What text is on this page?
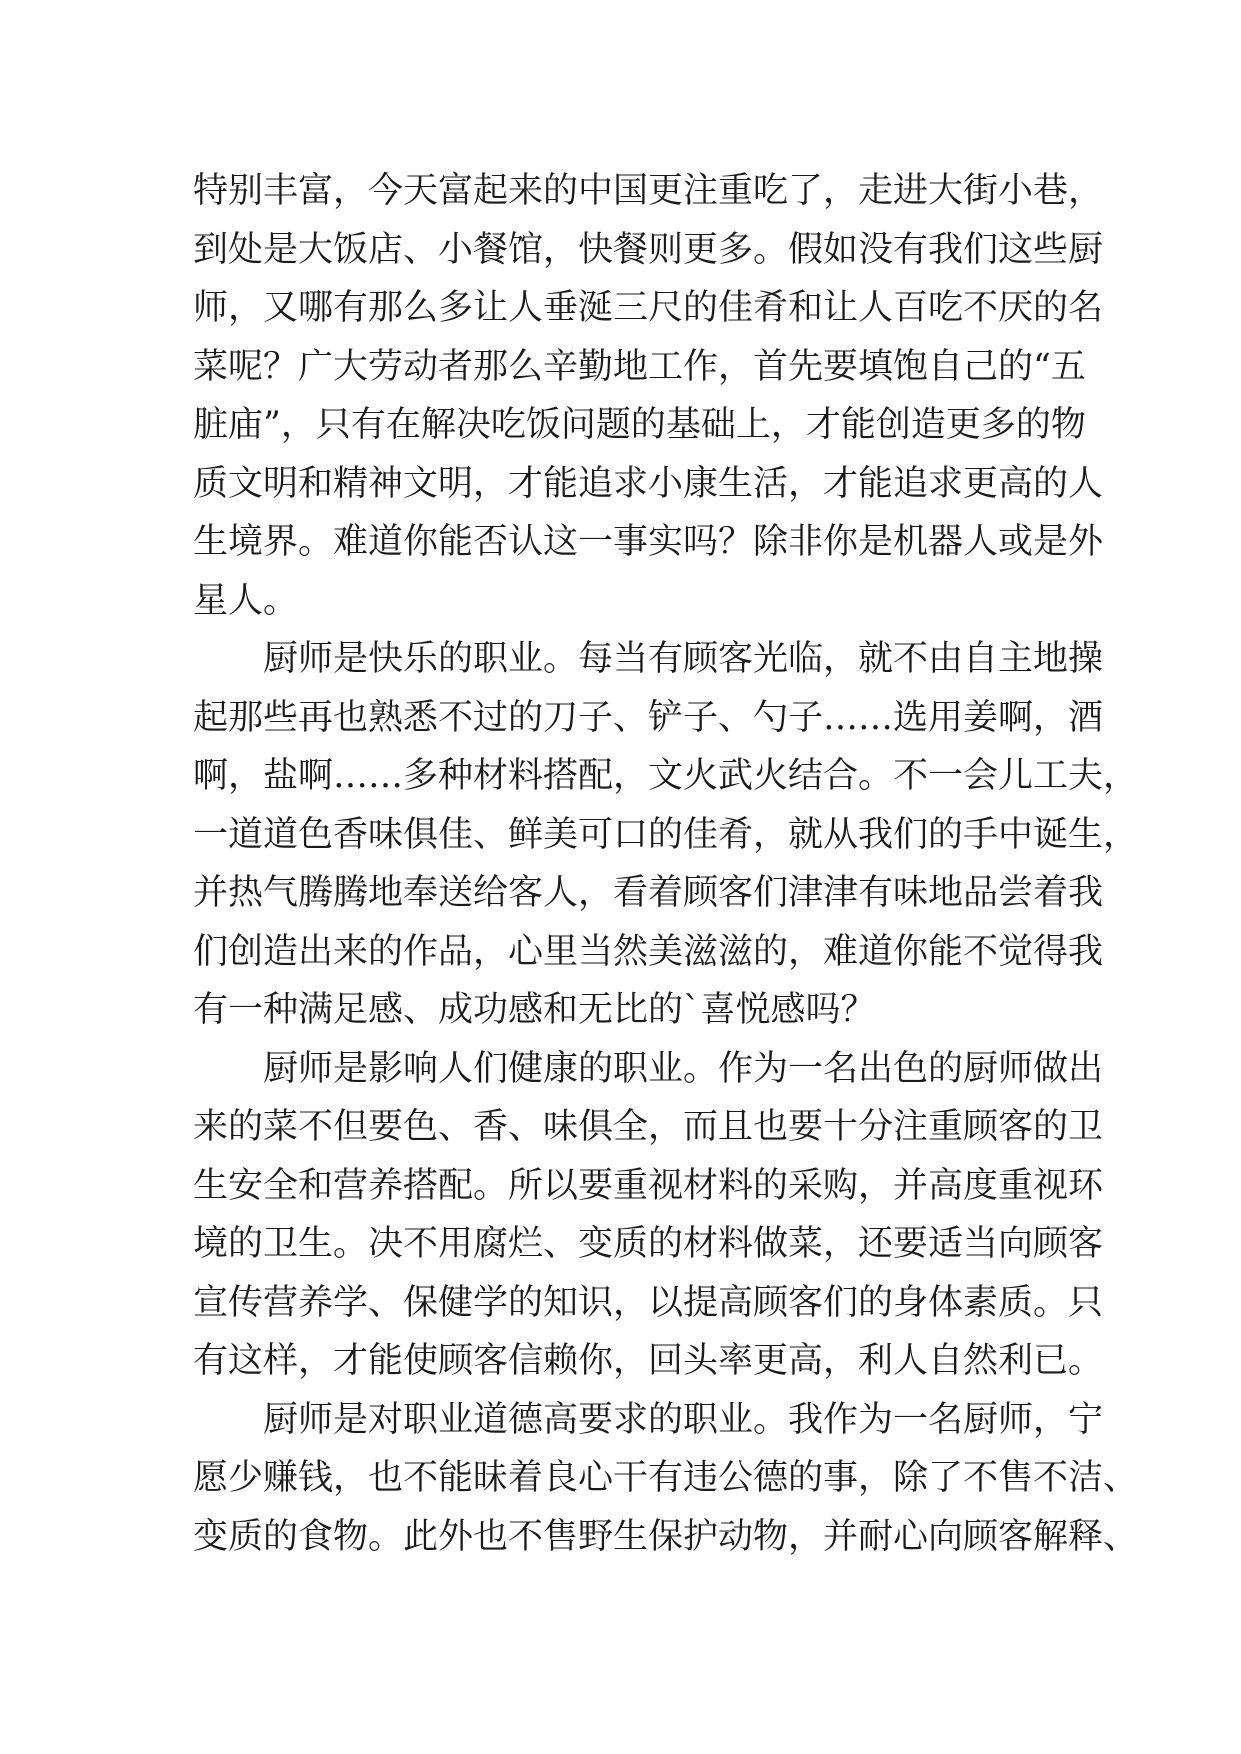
特别丰富，今天富起来的中国更注重吃了，走进大街小巷，
到处是大饭店、小餐馆，快餐则更多。假如没有我们这些厨
师，又哪有那么多让人垂涎三尺的佳肴和让人百吃不厌的名
菜呢？广大劳动者那么辛勤地工作，首先要填饱自己的“五
脏庙”，只有在解决吃饭问题的基础上，才能创造更多的物
质文明和精神文明，才能追求小康生活，才能追求更高的人
生境界。难道你能否认这一事实吗？除非你是机器人或是外
星人。
　　厨师是快乐的职业。每当有顾客光临，就不由自主地操
起那些再也熟悉不过的刀子、铲子、勺子……选用姜啊，酒
啊，盐啊……多种材料搭配，文火武火结合。不一会儿工夫，
一道道色香味俱佳、鲜美可口的佳肴，就从我们的手中诞生，
并热气腾腾地奉送给客人，看着顾客们津津有味地品尝着我
们创造出来的作品，心里当然美滋滋的，难道你能不觉得我
有一种满足感、成功感和无比的`喜悦感吗？
　　厨师是影响人们健康的职业。作为一名出色的厨师做出
来的菜不但要色、香、味俱全，而且也要十分注重顾客的卫
生安全和营养搭配。所以要重视材料的采购，并高度重视环
境的卫生。决不用腐烂、变质的材料做菜，还要适当向顾客
宣传营养学、保健学的知识，以提高顾客们的身体素质。只
有这样，才能使顾客信赖你，回头率更高，利人自然利已。
　　厨师是对职业道德高要求的职业。我作为一名厨师，宁
愿少赚钱，也不能昧着良心干有违公德的事，除了不售不洁、
变质的食物。此外也不售野生保护动物，并耐心向顾客解释、
